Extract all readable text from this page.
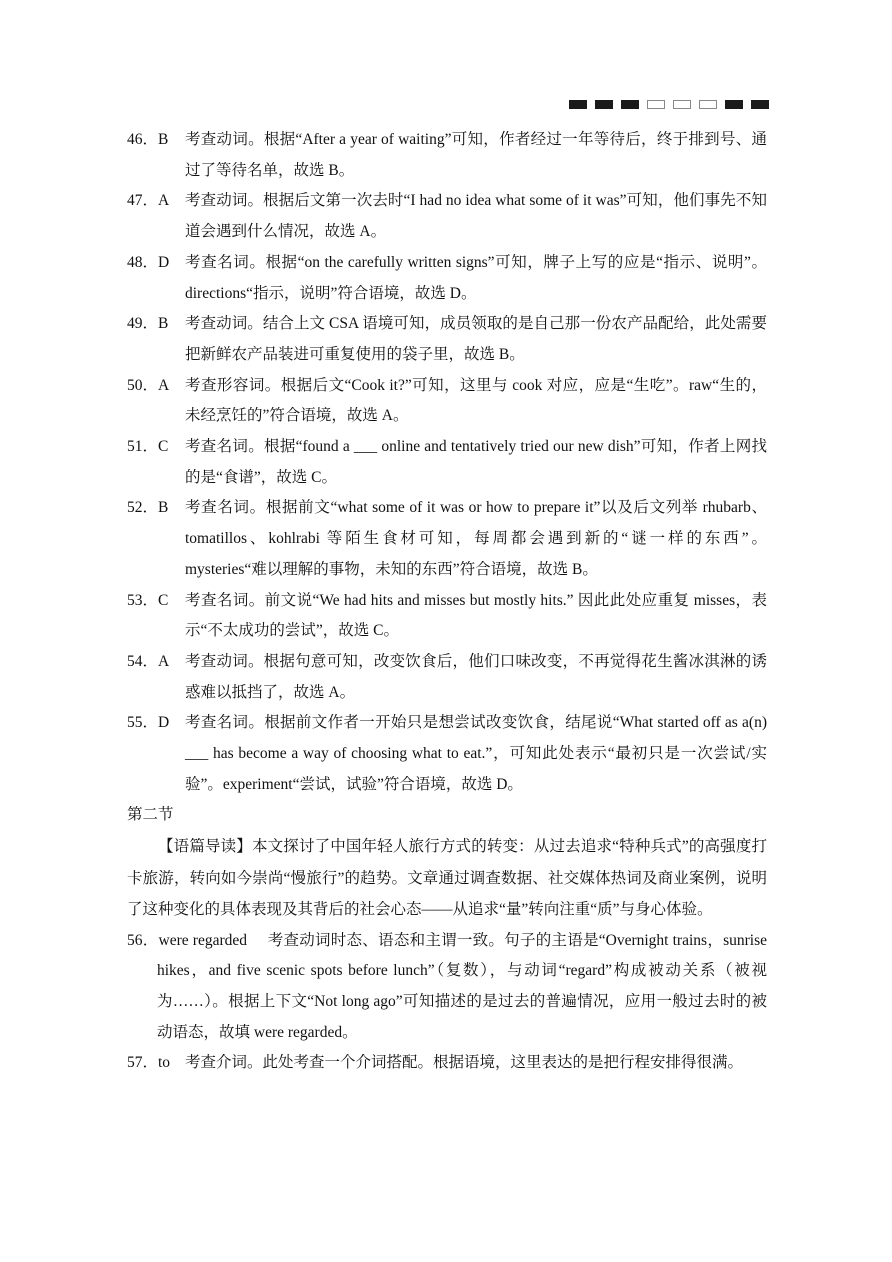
46．B	考查动词。根据“After a year of waiting”可知，作者经过一年等待后，终于排到号、通过了等待名单，故选 B。
47．A	考查动词。根据后文第一次去时“I had no idea what some of it was”可知，他们事先不知道会遇到什么情况，故选 A。
48．D	考查名词。根据“on the carefully written signs”可知，牌子上写的应是“指示、说明”。directions“指示，说明”符合语境，故选 D。
49．B	考查动词。结合上文 CSA 语境可知，成员领取的是自己那一份农产品配给，此处需要把新鲜农产品装进可重复使用的袋子里，故选 B。
50．A	考查形容词。根据后文“Cook it?”可知，这里与 cook 对应，应是“生吃”。raw“生的，未经烹饪的”符合语境，故选 A。
51．C	考查名词。根据“found a ___ online and tentatively tried our new dish”可知，作者上网找的是“食谱”，故选 C。
52．B	考查名词。根据前文“what some of it was or how to prepare it”以及后文列举 rhubarb、tomatillos、kohlrabi 等陌生食材可知，每周都会遇到新的“谜一样的东西”。mysteries“难以理解的事物，未知的东西”符合语境，故选 B。
53．C	考查名词。前文说“We had hits and misses but mostly hits.” 因此此处应重复 misses，表示“不太成功的尝试”，故选 C。
54．A	考查动词。根据句意可知，改变饮食后，他们口味改变，不再觉得花生酱冰淇淋的诱惑难以抵挡了，故选 A。
55．D	考查名词。根据前文作者一开始只是想尝试改变饮食，结尾说“What started off as a(n) ___ has become a way of choosing what to eat.”，可知此处表示“最初只是一次尝试/实验”。experiment“尝试，试验”符合语境，故选 D。
第二节
【语篇导读】本文探讨了中国年轻人旅行方式的转变：从过去追求“特种兵式”的高强度打卡旅游，转向如今崇尚“慢旅行”的趋势。文章通过调查数据、社交媒体热词及商业案例，说明了这种变化的具体表现及其背后的社会心态——从追求“量”转向注重“质”与身心体验。
56．were regarded 考查动词时态、语态和主谓一致。句子的主语是“Overnight trains，sunrise hikes，and five scenic spots before lunch”（复数），与动词“regard”构成被动关系（被视为……）。根据上下文“Not long ago”可知描述的是过去的普遍情况，应用一般过去时的被动语态，故填 were regarded。
57．to 考查介词。此处考查一个介词搭配。根据语境，这里表达的是把行程安排得很满。
